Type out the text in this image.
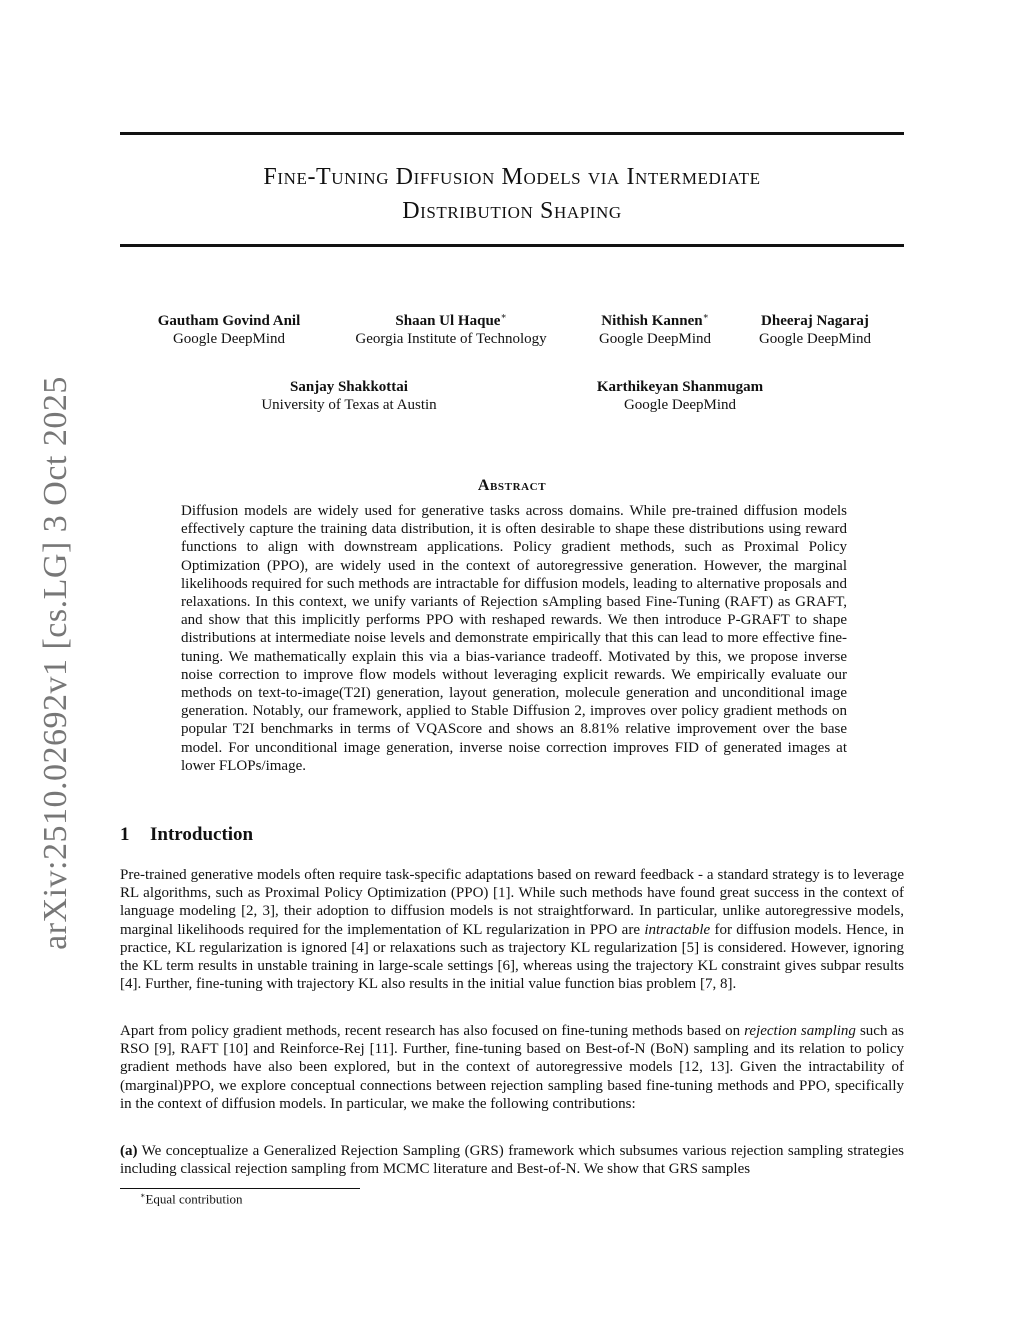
arXiv:2510.02692v1 [cs.LG] 3 Oct 2025
Fine-Tuning Diffusion Models via Intermediate
Distribution Shaping
Gautham Govind Anil
Google DeepMind
Shaan Ul Haque∗
Georgia Institute of Technology
Nithish Kannen∗
Google DeepMind
Dheeraj Nagaraj
Google DeepMind
Sanjay Shakkottai
University of Texas at Austin
Karthikeyan Shanmugam
Google DeepMind
Abstract
Diffusion models are widely used for generative tasks across domains. While pre-trained diffusion models effectively capture the training data distribution, it is often desirable to shape these distributions using reward functions to align with downstream applications. Policy gradient methods, such as Proximal Policy Optimization (PPO), are widely used in the context of autoregressive generation. However, the marginal likelihoods required for such methods are intractable for diffusion models, leading to alternative proposals and relaxations. In this context, we unify variants of Rejection sAmpling based Fine-Tuning (RAFT) as GRAFT, and show that this implicitly performs PPO with reshaped rewards. We then introduce P-GRAFT to shape distributions at intermediate noise levels and demonstrate empirically that this can lead to more effective fine-tuning. We mathematically explain this via a bias-variance tradeoff. Motivated by this, we propose inverse noise correction to improve flow models without leveraging explicit rewards. We empirically evaluate our methods on text-to-image(T2I) generation, layout generation, molecule generation and unconditional image generation. Notably, our framework, applied to Stable Diffusion 2, improves over policy gradient methods on popular T2I benchmarks in terms of VQAScore and shows an 8.81% relative improvement over the base model. For unconditional image generation, inverse noise correction improves FID of generated images at lower FLOPs/image.
1 Introduction
Pre-trained generative models often require task-specific adaptations based on reward feedback - a standard strategy is to leverage RL algorithms, such as Proximal Policy Optimization (PPO) [1]. While such methods have found great success in the context of language modeling [2, 3], their adoption to diffusion models is not straightforward. In particular, unlike autoregressive models, marginal likelihoods required for the implementation of KL regularization in PPO are intractable for diffusion models. Hence, in practice, KL regularization is ignored [4] or relaxations such as trajectory KL regularization [5] is considered. However, ignoring the KL term results in unstable training in large-scale settings [6], whereas using the trajectory KL constraint gives subpar results [4]. Further, fine-tuning with trajectory KL also results in the initial value function bias problem [7, 8].
Apart from policy gradient methods, recent research has also focused on fine-tuning methods based on rejection sampling such as RSO [9], RAFT [10] and Reinforce-Rej [11]. Further, fine-tuning based on Best-of-N (BoN) sampling and its relation to policy gradient methods have also been explored, but in the context of autoregressive models [12, 13]. Given the intractability of (marginal)PPO, we explore conceptual connections between rejection sampling based fine-tuning methods and PPO, specifically in the context of diffusion models. In particular, we make the following contributions:
(a) We conceptualize a Generalized Rejection Sampling (GRS) framework which subsumes various rejection sampling strategies including classical rejection sampling from MCMC literature and Best-of-N. We show that GRS samples
∗Equal contribution
